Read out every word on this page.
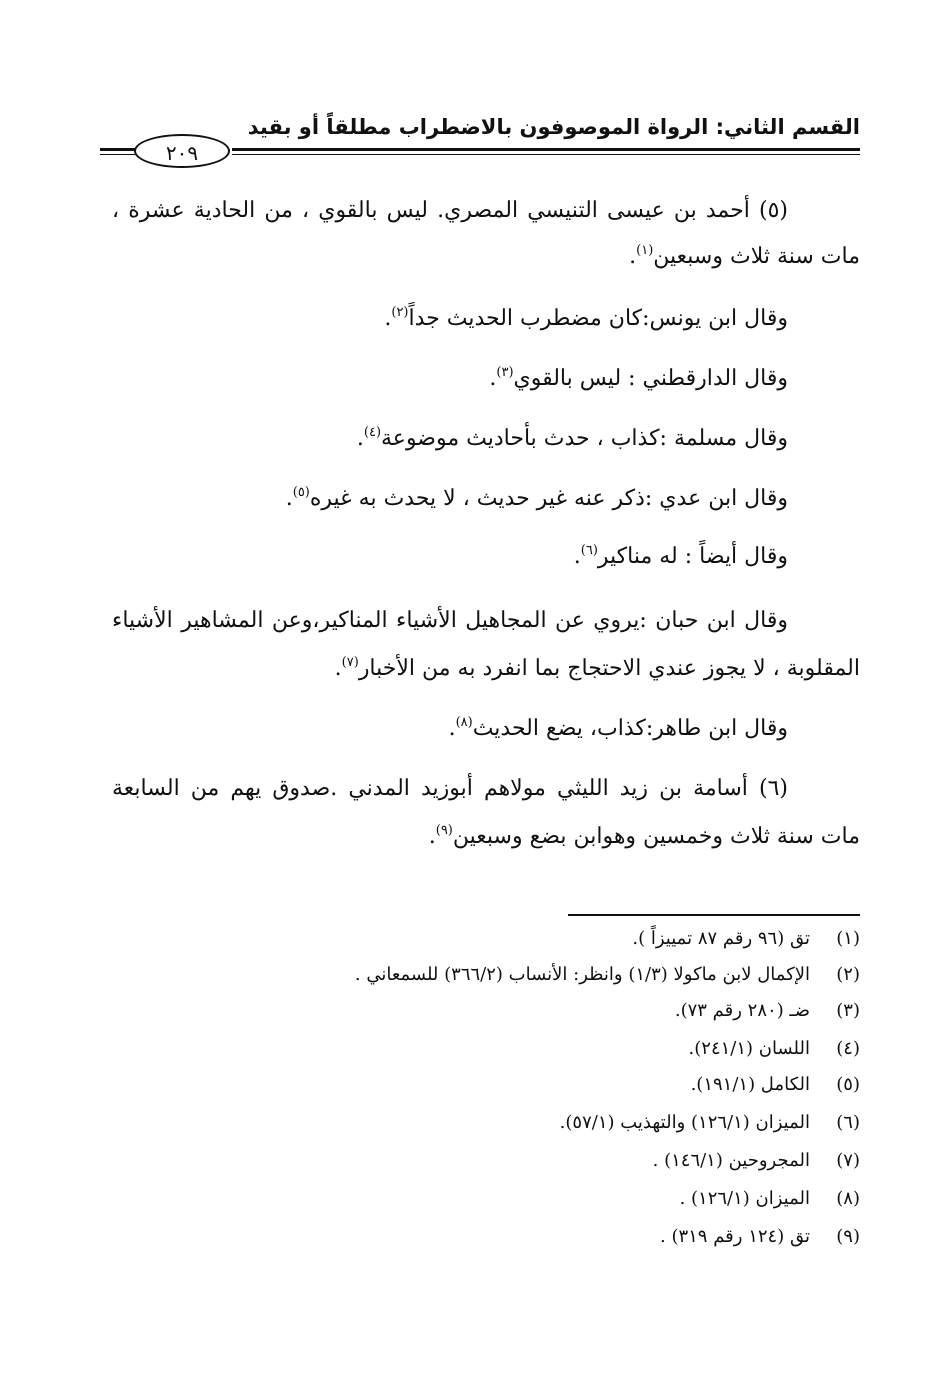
القسم الثاني: الرواة الموصوفون بالاضطراب مطلقاً أو بقيد
٢٠٩
(٥) أحمد بن عيسى التنيسي المصري. ليس بالقوي ، من الحادية عشرة ،
مات سنة ثلاث وسبعين$^{(١)}$.
وقال ابن يونس:كان مضطرب الحديث جداً$^{(٢)}$.
وقال الدارقطني : ليس بالقوي$^{(٣)}$.
وقال مسلمة :كذاب ، حدث بأحاديث موضوعة$^{(٤)}$.
وقال ابن عدي :ذكر عنه غير حديث ، لا يحدث به غيره$^{(٥)}$.
وقال أيضاً : له مناكير$^{(٦)}$.
وقال ابن حبان :يروي عن المجاهيل الأشياء المناكير،وعن المشاهير الأشياء
المقلوبة ، لا يجوز عندي الاحتجاج بما انفرد به من الأخبار$^{(٧)}$.
وقال ابن طاهر:كذاب، يضع الحديث$^{(٨)}$.
(٦) أسامة بن زيد الليثي مولاهم أبوزيد المدني .صدوق يهم من السابعة
مات سنة ثلاث وخمسين وهوابن بضع وسبعين$^{(٩)}$.
(١)تق (٩٦ رقم ٨٧ تمييزاً ).
(٢)الإكمال لابن ماكولا (١/٣) وانظر: الأنساب (٣٦٦/٢) للسمعاني .
(٣)ضـ (٢٨٠ رقم ٧٣).
(٤)اللسان (٢٤١/١).
(٥)الكامل (١٩١/١).
(٦)الميزان (١٢٦/١) والتهذيب (٥٧/١).
(٧)المجروحين (١٤٦/١) .
(٨)الميزان (١٢٦/١) .
(٩)تق (١٢٤ رقم ٣١٩) .
